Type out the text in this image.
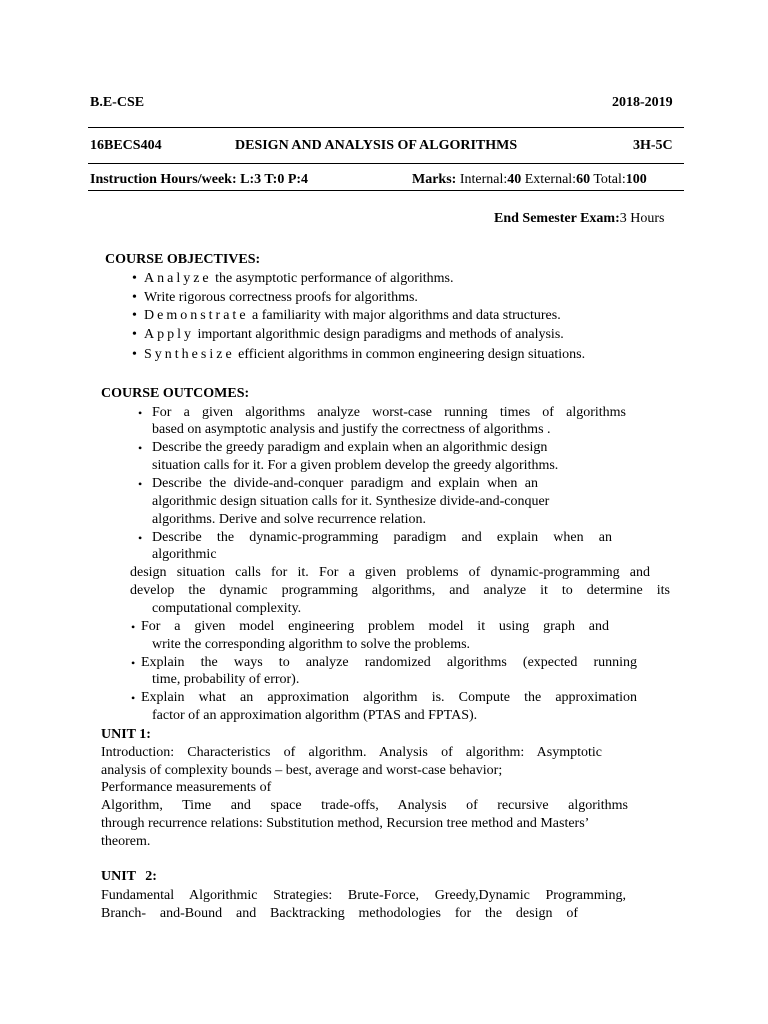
B.E-CSE	2018-2019
16BECS404	DESIGN AND ANALYSIS OF ALGORITHMS	3H-5C
Instruction Hours/week: L:3 T:0 P:4	Marks: Internal:40 External:60 Total:100
End Semester Exam:3 Hours
COURSE OBJECTIVES:
• Analyze the asymptotic performance of algorithms.
• Write rigorous correctness proofs for algorithms.
• Demonstrate a familiarity with major algorithms and data structures.
• Apply important algorithmic design paradigms and methods of analysis.
• Synthesize efficient algorithms in common engineering design situations.
COURSE OUTCOMES:
• For a given algorithms analyze worst-case running times of algorithms
based on asymptotic analysis and justify the correctness of algorithms .
• Describe the greedy paradigm and explain when an algorithmic design
situation calls for it. For a given problem develop the greedy algorithms.
• Describe the divide-and-conquer paradigm and explain when an
algorithmic design situation calls for it. Synthesize divide-and-conquer
algorithms. Derive and solve recurrence relation.
• Describe the dynamic-programming paradigm and explain when an
algorithmic
design situation calls for it. For a given problems of dynamic-programming and
develop the dynamic programming algorithms, and analyze it to determine its
computational complexity.
• For a given model engineering problem model it using graph and
write the corresponding algorithm to solve the problems.
• Explain the ways to analyze randomized algorithms (expected running
time, probability of error).
• Explain what an approximation algorithm is. Compute the approximation
factor of an approximation algorithm (PTAS and FPTAS).
UNIT 1:
Introduction: Characteristics of algorithm. Analysis of algorithm: Asymptotic
analysis of complexity bounds – best, average and worst-case behavior;
Performance measurements of
Algorithm, Time and space trade-offs, Analysis of recursive algorithms
through recurrence relations: Substitution method, Recursion tree method and Masters’
theorem.
UNIT 2:
Fundamental Algorithmic Strategies: Brute-Force, Greedy,Dynamic Programming,
Branch- and-Bound and Backtracking methodologies for the design of
